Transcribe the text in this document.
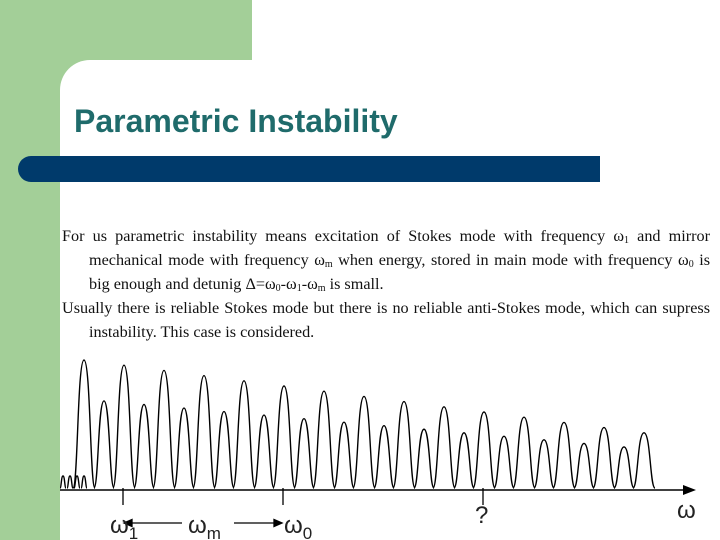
Parametric Instability

For us parametric instability means excitation of Stokes mode with frequency $\omega_1$ and mirror mechanical mode with frequency $\omega_m$ when energy, stored in main mode with frequency $\omega_0$ is big enough and detunig $\Delta=\omega_0-\omega_1-\omega_m$ is small.

Usually there is reliable Stokes mode but there is no reliable anti-Stokes mode, which can supress instability. This case is considered.

$\omega_1$ $\omega_m$	$\omega_0$
?	ω
